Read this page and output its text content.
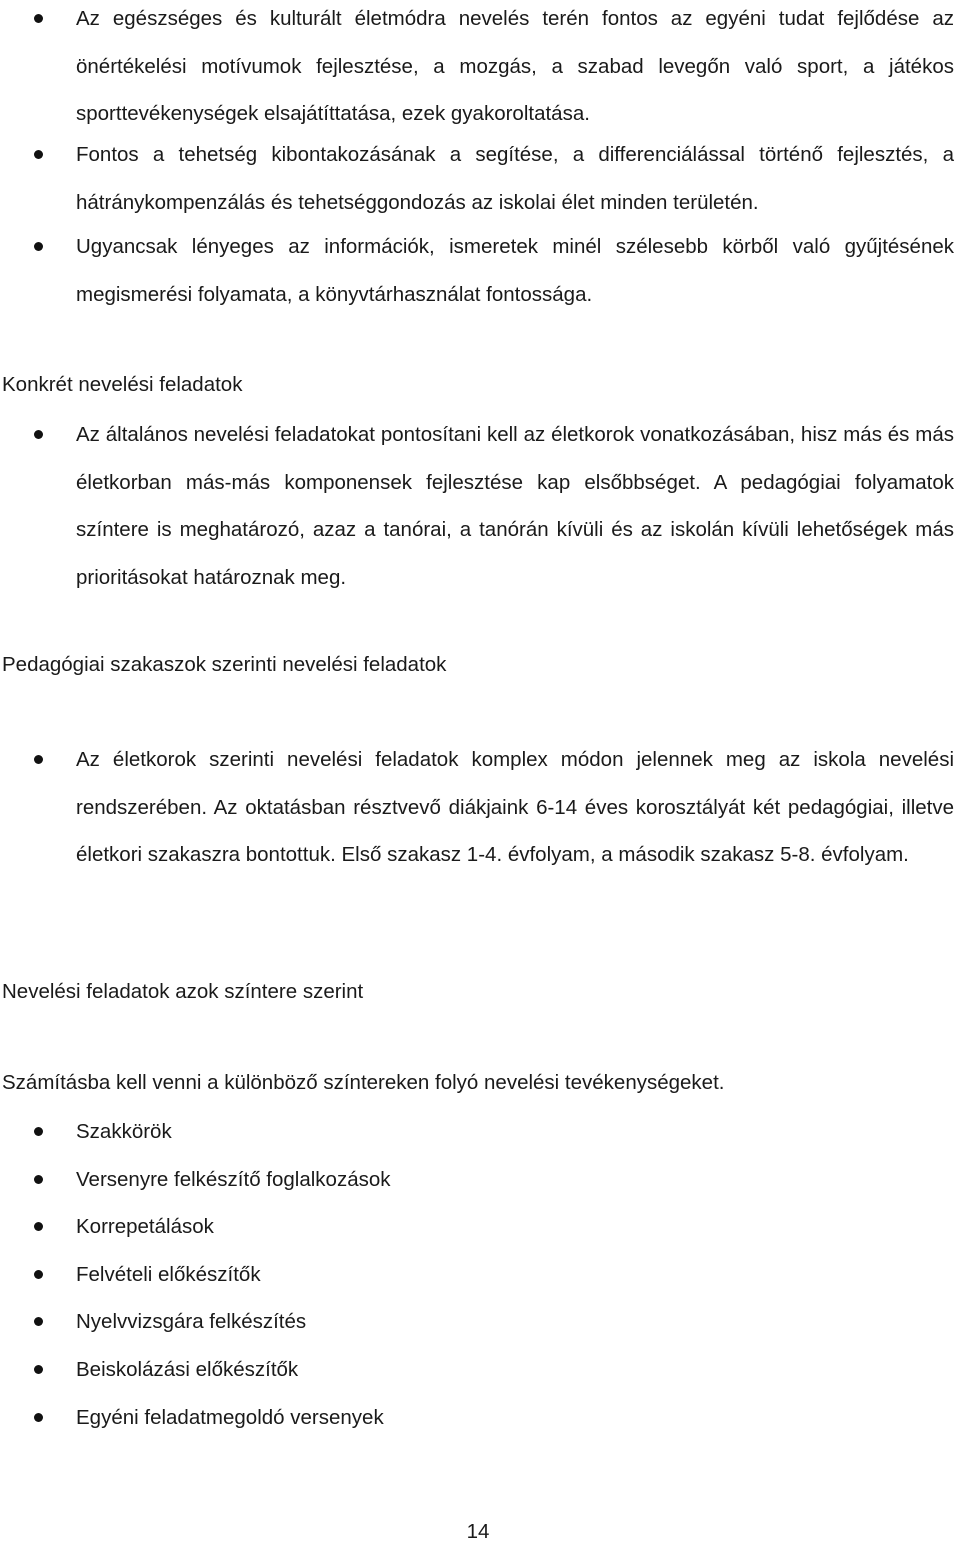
Az egészséges és kulturált életmódra nevelés terén fontos az egyéni tudat fejlődése az önértékelési motívumok fejlesztése, a mozgás, a szabad levegőn való sport, a játékos sporttevékenységek elsajátíttatása, ezek gyakoroltatása.
Fontos a tehetség kibontakozásának a segítése, a differenciálással történő fejlesztés, a hátránykompenzálás és tehetséggondozás az iskolai élet minden területén.
Ugyancsak lényeges az információk, ismeretek minél szélesebb körből való gyűjtésének megismerési folyamata, a könyvtárhasználat fontossága.
Konkrét nevelési feladatok
Az általános nevelési feladatokat pontosítani kell az életkorok vonatkozásában, hisz más és más életkorban más-más komponensek fejlesztése kap elsőbbséget. A pedagógiai folyamatok színtere is meghatározó, azaz a tanórai, a tanórán kívüli és az iskolán kívüli lehetőségek más prioritásokat határoznak meg.
Pedagógiai szakaszok szerinti nevelési feladatok
Az életkorok szerinti nevelési feladatok komplex módon jelennek meg az iskola nevelési rendszerében. Az oktatásban résztvevő diákjaink 6-14 éves korosztályát két pedagógiai, illetve életkori szakaszra bontottuk. Első szakasz 1-4. évfolyam, a második szakasz 5-8. évfolyam.
Nevelési feladatok azok színtere szerint
Számításba kell venni a különböző színtereken folyó nevelési tevékenységeket.
Szakkörök
Versenyre felkészítő foglalkozások
Korrepetálások
Felvételi előkészítők
Nyelvvizsgára felkészítés
Beiskolázási előkészítők
Egyéni feladatmegoldó versenyek
14
